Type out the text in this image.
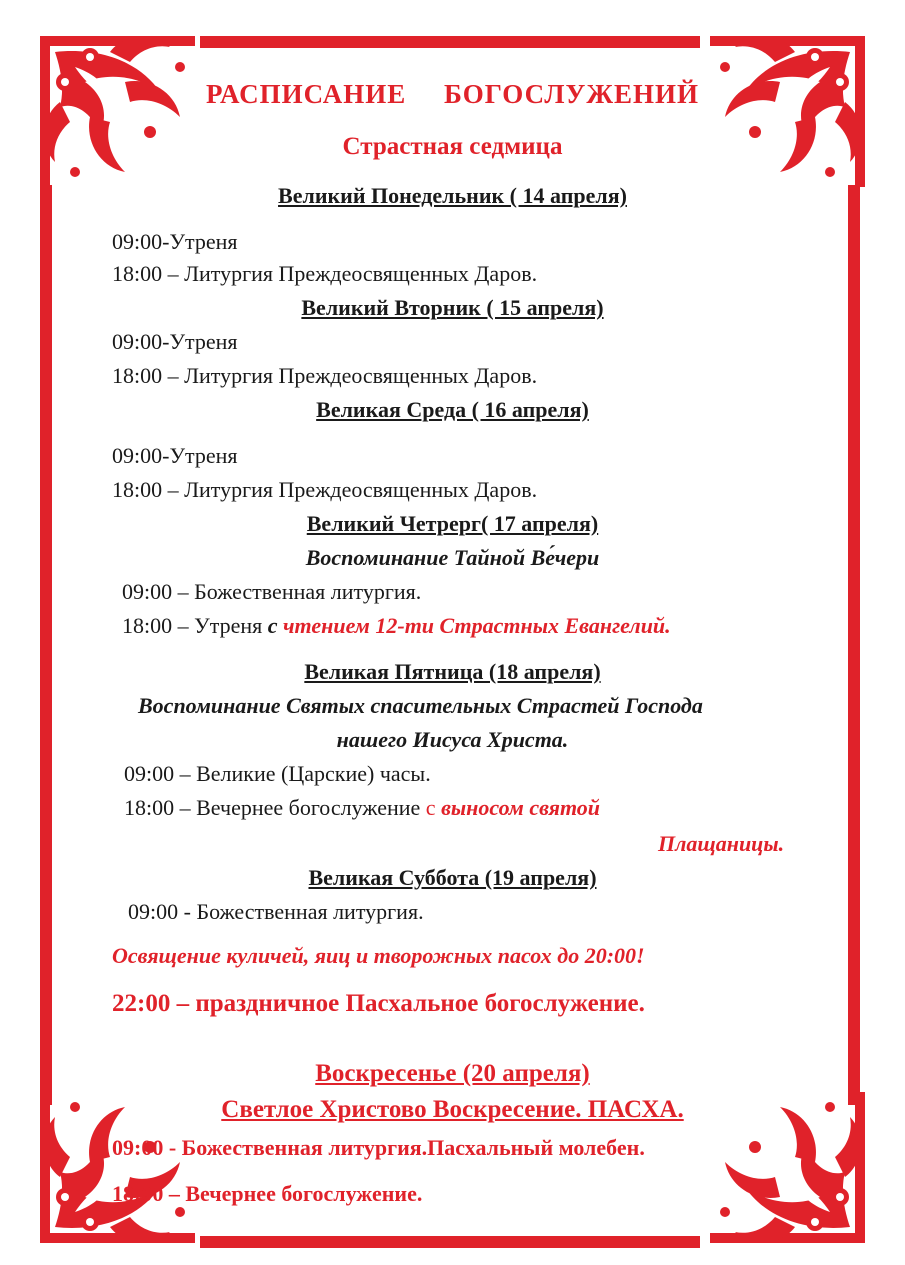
РАСПИСАНИЕ БОГОСЛУЖЕНИЙ
Страстная седмица
Великий Понедельник ( 14 апреля)
09:00-Утреня
18:00 – Литургия Преждеосвященных Даров.
Великий Вторник ( 15 апреля)
09:00-Утреня
18:00 – Литургия Преждеосвященных Даров.
Великая Среда ( 16 апреля)
09:00-Утреня
18:00 – Литургия Преждеосвященных Даров.
Великий Четрерг( 17 апреля)
Воспоминание Тайной Ве́чери
09:00 – Божественная литургия.
18:00 – Утреня с чтением 12-ти Страстных Евангелий.
Великая Пятница (18 апреля)
Воспоминание Святых спасительных Страстей Господа
нашего Иисуса Христа.
09:00 – Великие (Царские) часы.
18:00 – Вечернее богослужение с выносом святой
Плащаницы.
Великая Суббота (19 апреля)
09:00 - Божественная литургия.
Освящение куличей, яиц и творожных пасох до 20:00!
22:00 – праздничное Пасхальное богослужение.
Воскресенье (20 апреля)
Светлое Христово Воскресение. ПАСХА.
09:00 - Божественная литургия.Пасхальный молебен.
18:00 – Вечернее богослужение.
